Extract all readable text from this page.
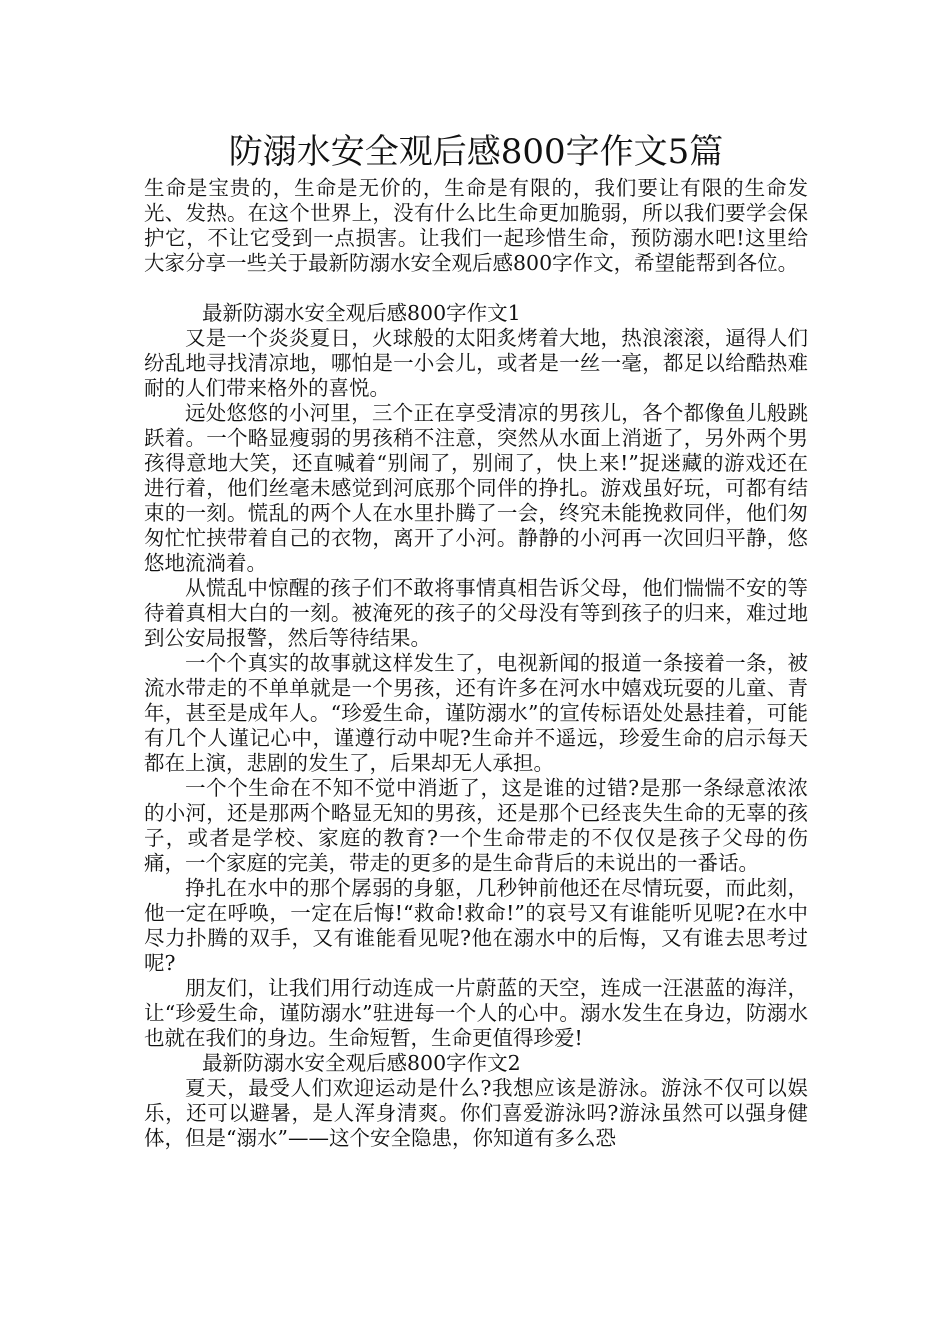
防溺水安全观后感800字作文5篇

生命是宝贵的，生命是无价的，生命是有限的，我们要让有限的生命发光、发热。在这个世界上，没有什么比生命更加脆弱，所以我们要学会保护它，不让它受到一点损害。让我们一起珍惜生命，预防溺水吧!这里给大家分享一些关于最新防溺水安全观后感800字作文，希望能帮到各位。

最新防溺水安全观后感800字作文1

又是一个炎炎夏日，火球般的太阳炙烤着大地，热浪滚滚，逼得人们纷乱地寻找清凉地，哪怕是一小会儿，或者是一丝一毫，都足以给酷热难耐的人们带来格外的喜悦。

远处悠悠的小河里，三个正在享受清凉的男孩儿，各个都像鱼儿般跳跃着。一个略显瘦弱的男孩稍不注意，突然从水面上消逝了，另外两个男孩得意地大笑，还直喊着“别闹了，别闹了，快上来!”捉迷藏的游戏还在进行着，他们丝毫未感觉到河底那个同伴的挣扎。游戏虽好玩，可都有结束的一刻。慌乱的两个人在水里扑腾了一会，终究未能挽救同伴，他们匆匆忙忙挟带着自己的衣物，离开了小河。静静的小河再一次回归平静，悠悠地流淌着。

从慌乱中惊醒的孩子们不敢将事情真相告诉父母，他们惴惴不安的等待着真相大白的一刻。被淹死的孩子的父母没有等到孩子的归来，难过地到公安局报警，然后等待结果。

一个个真实的故事就这样发生了，电视新闻的报道一条接着一条，被流水带走的不单单就是一个男孩，还有许多在河水中嬉戏玩耍的儿童、青年，甚至是成年人。“珍爱生命，谨防溺水”的宣传标语处处悬挂着，可能有几个人谨记心中，谨遵行动中呢?生命并不遥远，珍爱生命的启示每天都在上演，悲剧的发生了，后果却无人承担。

一个个生命在不知不觉中消逝了，这是谁的过错?是那一条绿意浓浓的小河，还是那两个略显无知的男孩，还是那个已经丧失生命的无辜的孩子，或者是学校、家庭的教育?一个生命带走的不仅仅是孩子父母的伤痛，一个家庭的完美，带走的更多的是生命背后的未说出的一番话。

挣扎在水中的那个孱弱的身躯，几秒钟前他还在尽情玩耍，而此刻，他一定在呼唤，一定在后悔!“救命!救命!”的哀号又有谁能听见呢?在水中尽力扑腾的双手，又有谁能看见呢?他在溺水中的后悔，又有谁去思考过呢?

朋友们，让我们用行动连成一片蔚蓝的天空，连成一汪湛蓝的海洋，让“珍爱生命，谨防溺水”驻进每一个人的心中。溺水发生在身边，防溺水也就在我们的身边。生命短暂，生命更值得珍爱!

最新防溺水安全观后感800字作文2

夏天，最受人们欢迎运动是什么?我想应该是游泳。游泳不仅可以娱乐，还可以避暑，是人浑身清爽。你们喜爱游泳吗?游泳虽然可以强身健体，但是“溺水”——这个安全隐患，你知道有多么恐
